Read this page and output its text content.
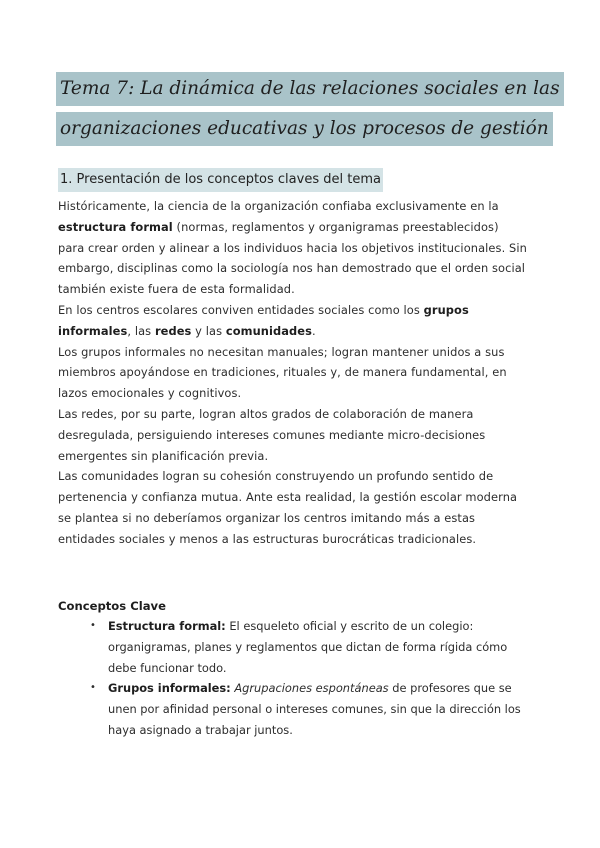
Tema 7: La dinámica de las relaciones sociales en las
organizaciones educativas y los procesos de gestión
1. Presentación de los conceptos claves del tema

Históricamente, la ciencia de la organización confiaba exclusivamente en la estructura formal (normas, reglamentos y organigramas preestablecidos) para crear orden y alinear a los individuos hacia los objetivos institucionales. Sin embargo, disciplinas como la sociología nos han demostrado que el orden social también existe fuera de esta formalidad.

En los centros escolares conviven entidades sociales como los grupos informales, las redes y las comunidades.

Los grupos informales no necesitan manuales; logran mantener unidos a sus miembros apoyándose en tradiciones, rituales y, de manera fundamental, en lazos emocionales y cognitivos.

Las redes, por su parte, logran altos grados de colaboración de manera desregulada, persiguiendo intereses comunes mediante micro-decisiones emergentes sin planificación previa.

Las comunidades logran su cohesión construyendo un profundo sentido de pertenencia y confianza mutua. Ante esta realidad, la gestión escolar moderna se plantea si no deberíamos organizar los centros imitando más a estas entidades sociales y menos a las estructuras burocráticas tradicionales.

Conceptos Clave
• Estructura formal: El esqueleto oficial y escrito de un colegio: organigramas, planes y reglamentos que dictan de forma rígida cómo debe funcionar todo.
• Grupos informales: Agrupaciones espontáneas de profesores que se unen por afinidad personal o intereses comunes, sin que la dirección los haya asignado a trabajar juntos.
